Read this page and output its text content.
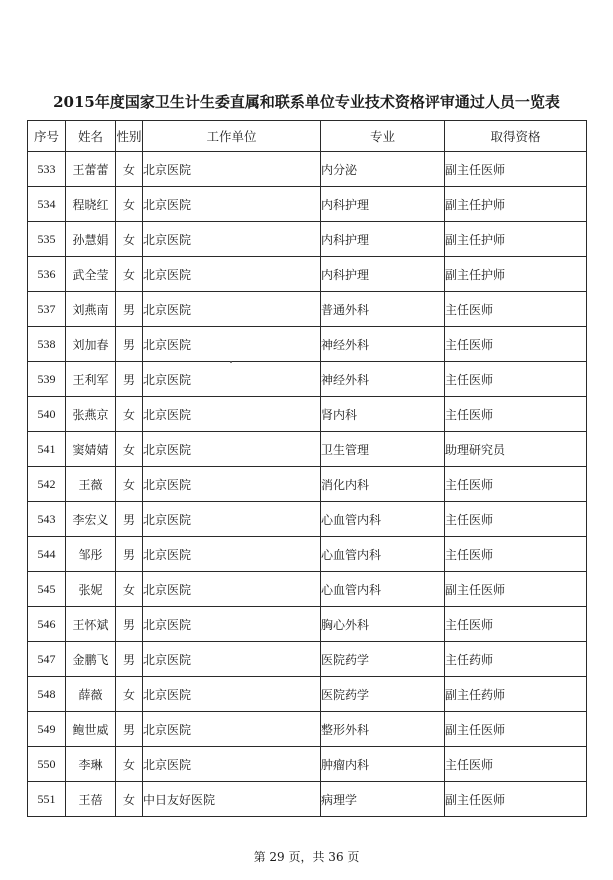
2015年度国家卫生计生委直属和联系单位专业技术资格评审通过人员一览表
序号	姓名	性别	工作单位	专业	取得资格
533	王蕾蕾	女	北京医院	内分泌	副主任医师
534	程晓红	女	北京医院	内科护理	副主任护师
535	孙慧娟	女	北京医院	内科护理	副主任护师
536	武全莹	女	北京医院	内科护理	副主任护师
537	刘燕南	男	北京医院	普通外科	主任医师
538	刘加春	男	北京医院	神经外科	主任医师
539	王利军	男	北京医院	神经外科	主任医师
540	张燕京	女	北京医院	肾内科	主任医师
541	窦婧婧	女	北京医院	卫生管理	助理研究员
542	王薇	女	北京医院	消化内科	主任医师
543	李宏义	男	北京医院	心血管内科	主任医师
544	邹彤	男	北京医院	心血管内科	主任医师
545	张妮	女	北京医院	心血管内科	副主任医师
546	王怀斌	男	北京医院	胸心外科	主任医师
547	金鹏飞	男	北京医院	医院药学	主任药师
548	薛薇	女	北京医院	医院药学	副主任药师
549	鲍世威	男	北京医院	整形外科	副主任医师
550	李琳	女	北京医院	肿瘤内科	主任医师
551	王蓓	女	中日友好医院	病理学	副主任医师
第 29 页，共 36 页
